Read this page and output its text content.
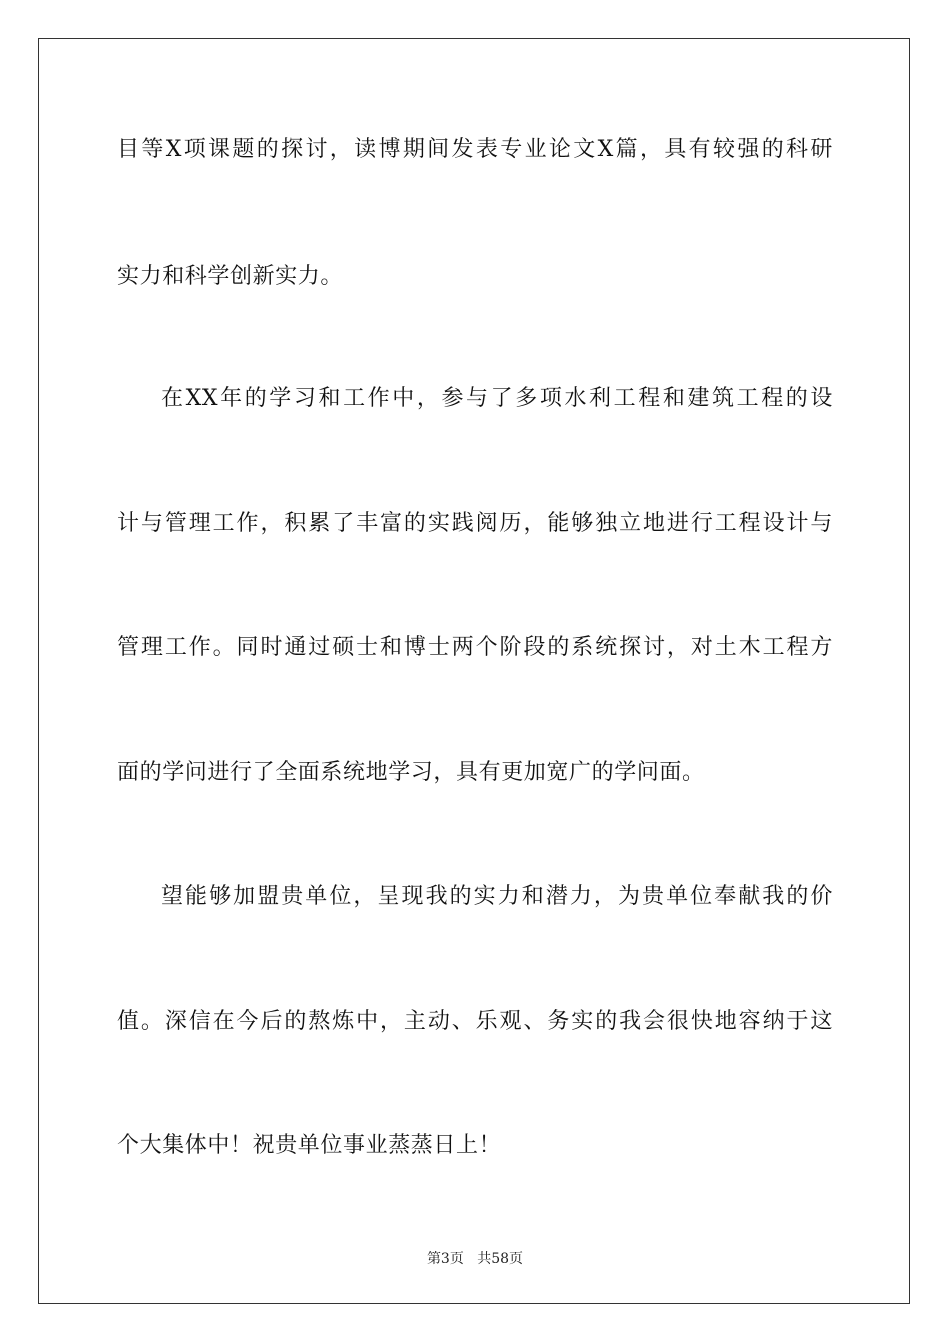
目等X项课题的探讨，读博期间发表专业论文X篇，具有较强的科研
实力和科学创新实力。
在XX年的学习和工作中，参与了多项水利工程和建筑工程的设
计与管理工作，积累了丰富的实践阅历，能够独立地进行工程设计与
管理工作。同时通过硕士和博士两个阶段的系统探讨，对土木工程方
面的学问进行了全面系统地学习，具有更加宽广的学问面。
望能够加盟贵单位，呈现我的实力和潜力，为贵单位奉献我的价
值。深信在今后的熬炼中，主动、乐观、务实的我会很快地容纳于这
个大集体中！祝贵单位事业蒸蒸日上！
第3页 共58页
